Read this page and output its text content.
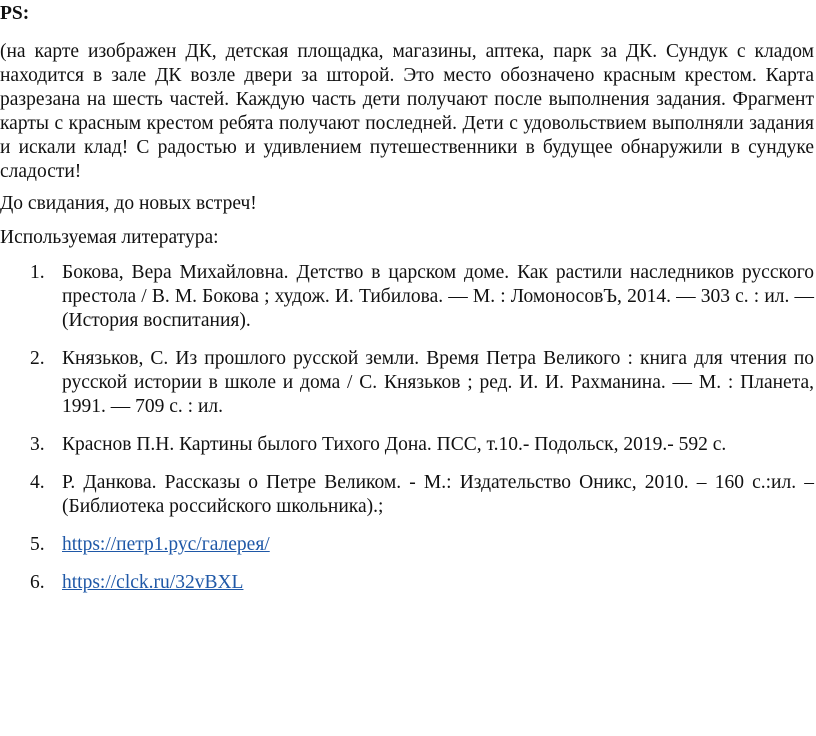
PS:

(на карте изображен ДК, детская площадка, магазины, аптека, парк за ДК. Сундук с кладом находится в зале ДК возле двери за шторой. Это место обозначено красным крестом. Карта разрезана на шесть частей. Каждую часть дети получают после выполнения задания. Фрагмент карты с красным крестом ребята получают последней. Дети с удовольствием выполняли задания и искали клад! С радостью и удивлением путешественники в будущее обнаружили в сундуке сладости!

До свидания, до новых встреч!

Используемая литература:

1. Бокова, Вера Михайловна. Детство в царском доме. Как растили наследников русского престола / В. М. Бокова ; худож. И. Тибилова. — М. : ЛомоносовЪ, 2014. — 303 с. : ил. —(История воспитания).
2. Князьков, С. Из прошлого русской земли. Время Петра Великого : книга для чтения по русской истории в школе и дома / С. Князьков ; ред. И. И. Рахманина. — М. : Планета, 1991. — 709 с. : ил.
3. Краснов П.Н. Картины былого Тихого Дона. ПСС, т.10.- Подольск, 2019.- 592 с.
4. Р. Данкова. Рассказы о Петре Великом. - М.: Издательство Оникс, 2010. – 160 с.:ил. – (Библиотека российского школьника).;
5. https://петр1.рус/галерея/
6. https://clck.ru/32vBXL
